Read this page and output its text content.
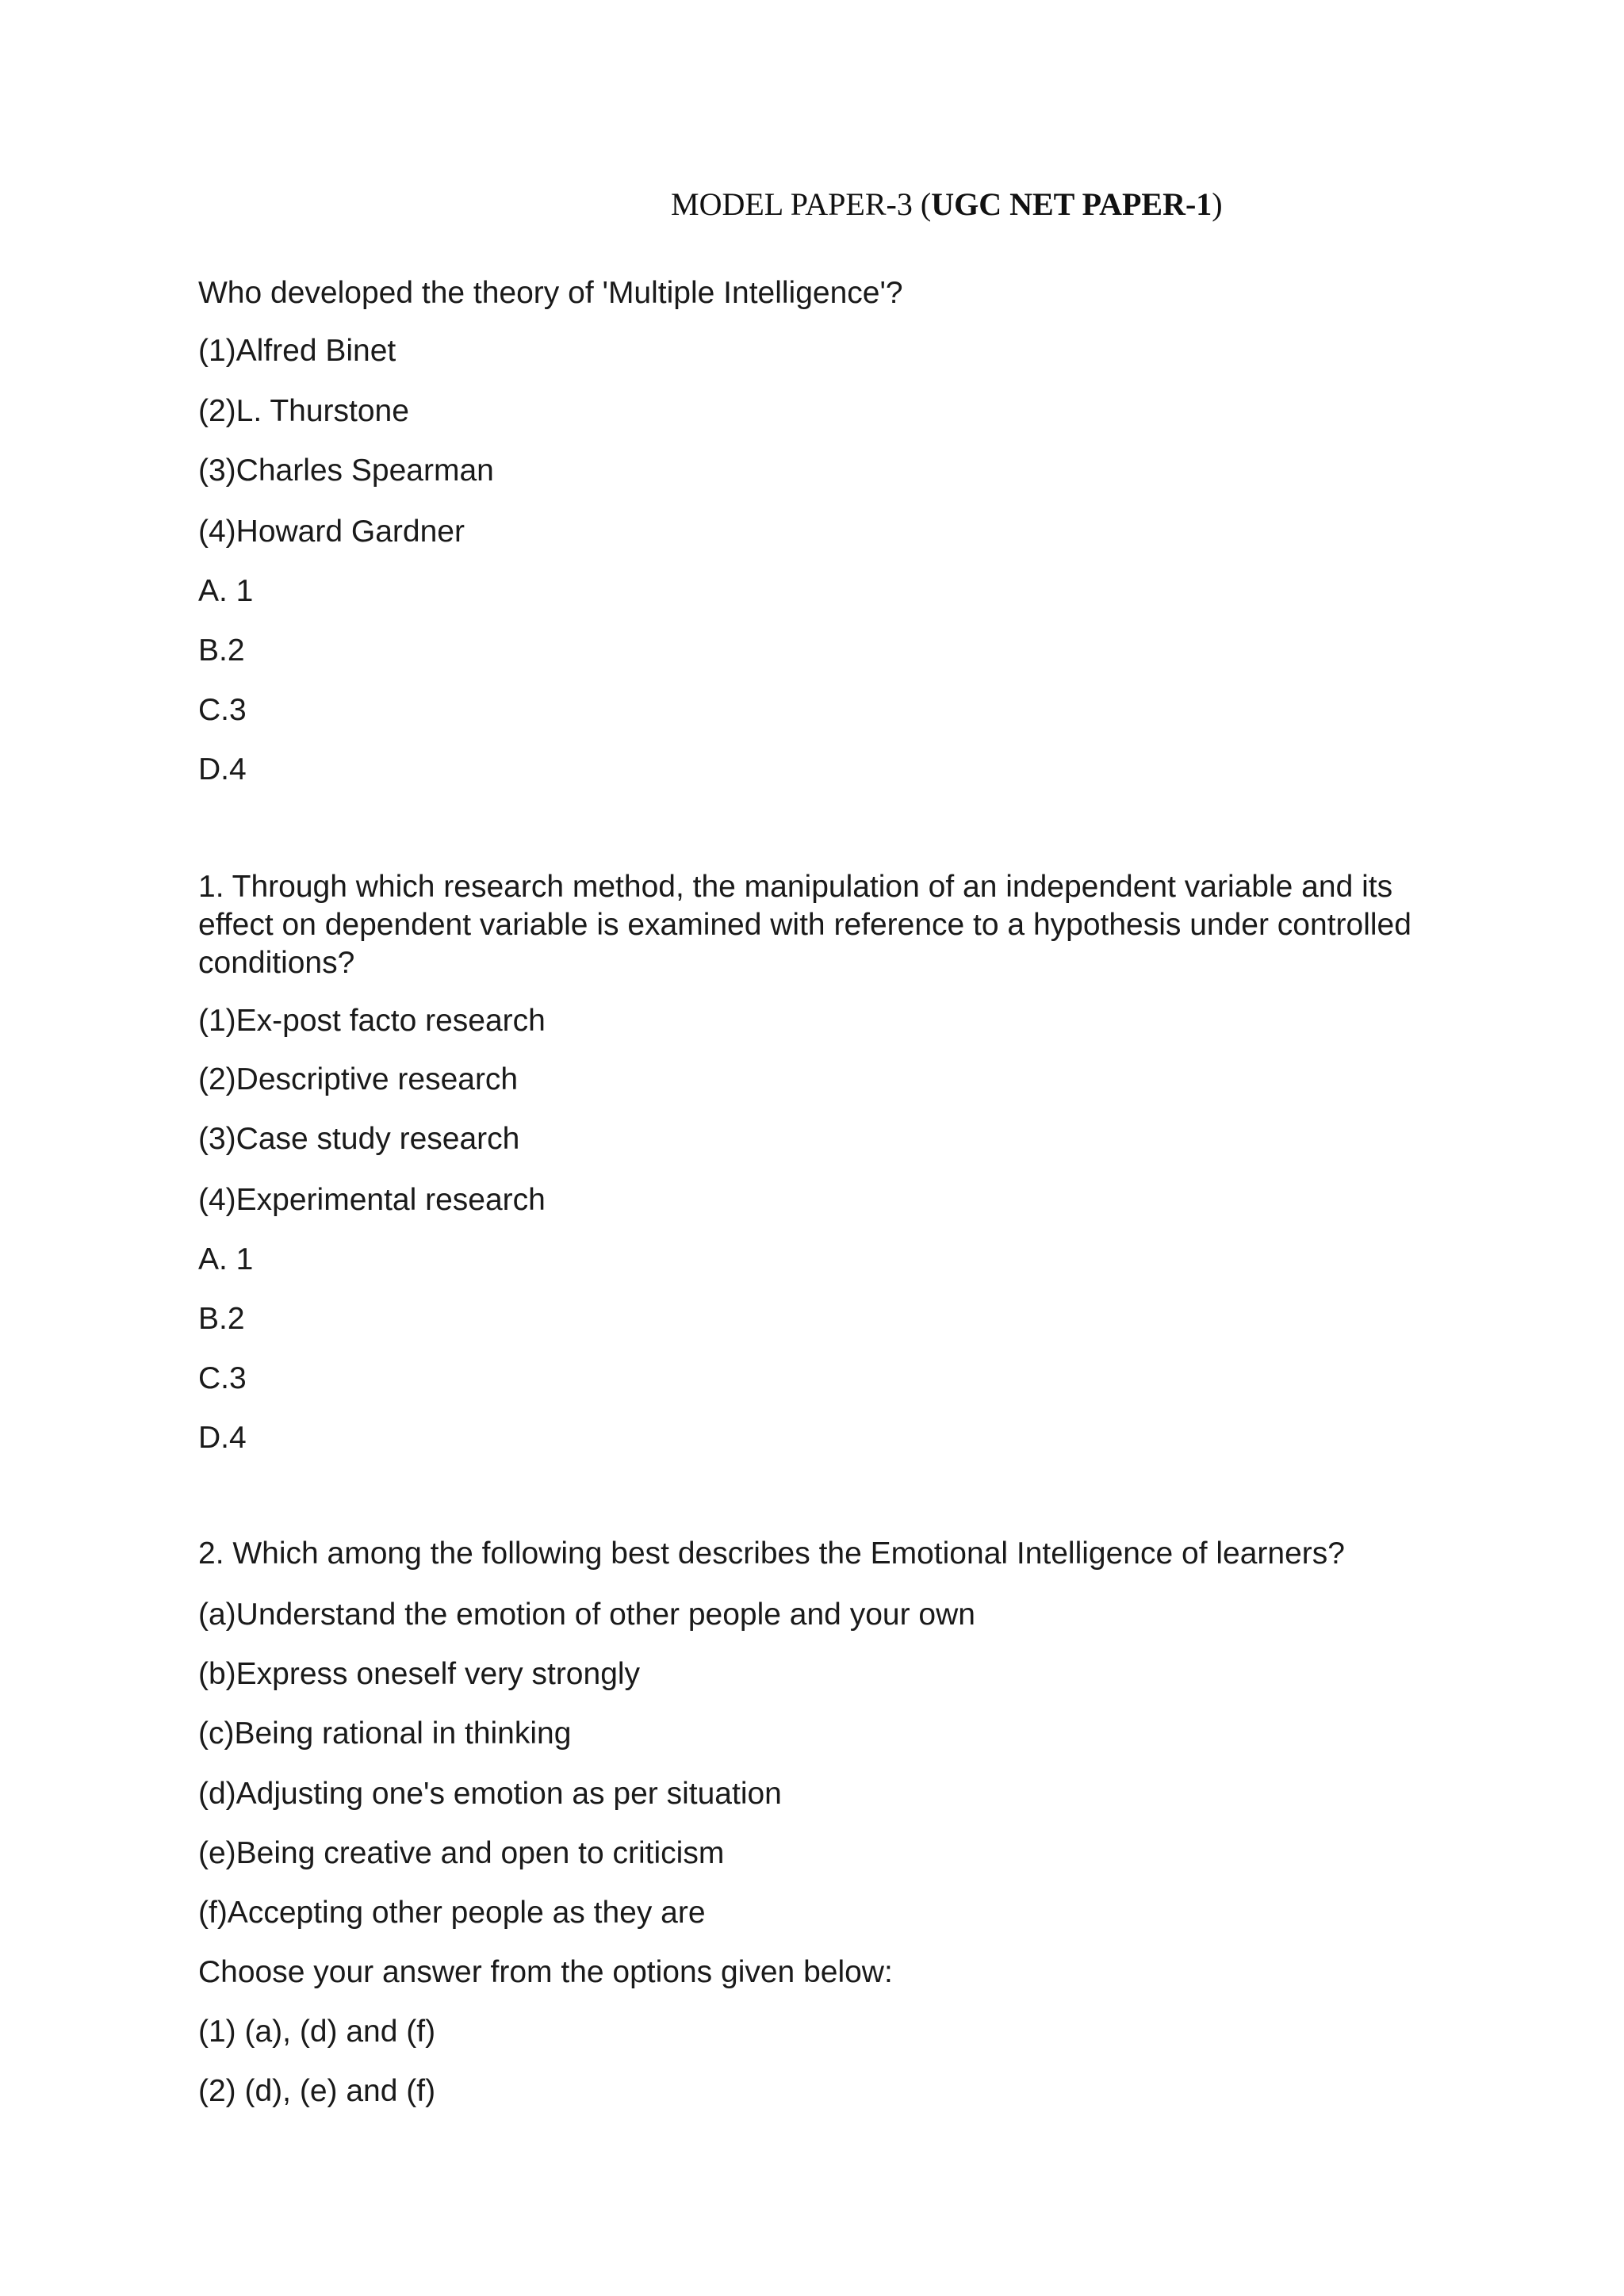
MODEL PAPER-3 (UGC NET PAPER-1)
Who developed the theory of 'Multiple Intelligence'?
(1)Alfred Binet
(2)L. Thurstone
(3)Charles Spearman
(4)Howard Gardner
A. 1
B.2
C.3
D.4
1. Through which research method, the manipulation of an independent variable and its
effect on dependent variable is examined with reference to a hypothesis under controlled
conditions?
(1)Ex-post facto research
(2)Descriptive research
(3)Case study research
(4)Experimental research
A. 1
B.2
C.3
D.4
2. Which among the following best describes the Emotional Intelligence of learners?
(a)Understand the emotion of other people and your own
(b)Express oneself very strongly
(c)Being rational in thinking
(d)Adjusting one's emotion as per situation
(e)Being creative and open to criticism
(f)Accepting other people as they are
Choose your answer from the options given below:
(1) (a), (d) and (f)
(2) (d), (e) and (f)
